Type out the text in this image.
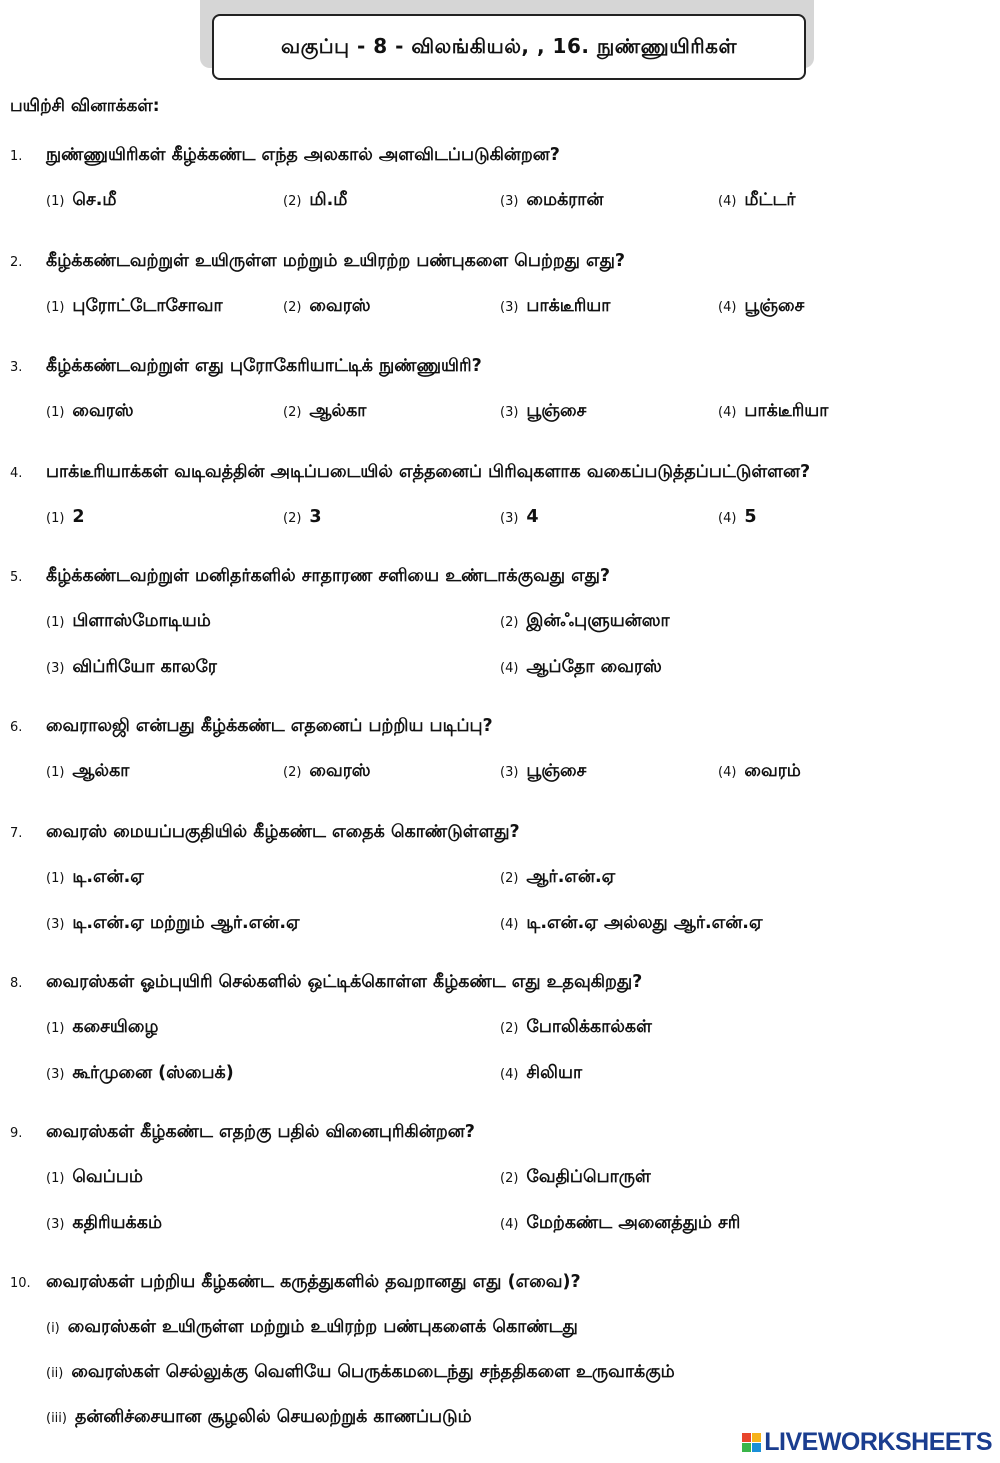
வகுப்பு - 8 - விலங்கியல், , 16. நுண்ணுயிரிகள்
பயிற்சி வினாக்கள்:
1. நுண்ணுயிரிகள் கீழ்க்கண்ட எந்த அலகால் அளவிடப்படுகின்றன?
(1) செ.மீ	(2) மி.மீ	(3) மைக்ரான்	(4) மீட்டர்
2. கீழ்க்கண்டவற்றுள் உயிருள்ள மற்றும் உயிரற்ற பண்புகளை பெற்றது எது?
(1) புரோட்டோசோவா	(2) வைரஸ்	(3) பாக்டீரியா	(4) பூஞ்சை
3. கீழ்க்கண்டவற்றுள் எது புரோகேரியாட்டிக் நுண்ணுயிரி?
(1) வைரஸ்	(2) ஆல்கா	(3) பூஞ்சை	(4) பாக்டீரியா
4. பாக்டீரியாக்கள் வடிவத்தின் அடிப்படையில் எத்தனைப் பிரிவுகளாக வகைப்படுத்தப்பட்டுள்ளன?
(1) 2	(2) 3	(3) 4	(4) 5
5. கீழ்க்கண்டவற்றுள் மனிதர்களில் சாதாரண சளியை உண்டாக்குவது எது?
(1) பிளாஸ்மோடியம்	(2) இன்ஃபுளுயன்ஸா
(3) விப்ரியோ காலரே	(4) ஆப்தோ வைரஸ்
6. வைராலஜி என்பது கீழ்க்கண்ட எதனைப் பற்றிய படிப்பு?
(1) ஆல்கா	(2) வைரஸ்	(3) பூஞ்சை	(4) வைரம்
7. வைரஸ் மையப்பகுதியில் கீழ்கண்ட எதைக் கொண்டுள்ளது?
(1) டி.என்.ஏ	(2) ஆர்.என்.ஏ
(3) டி.என்.ஏ மற்றும் ஆர்.என்.ஏ	(4) டி.என்.ஏ அல்லது ஆர்.என்.ஏ
8. வைரஸ்கள் ஓம்புயிரி செல்களில் ஒட்டிக்கொள்ள கீழ்கண்ட எது உதவுகிறது?
(1) கசையிழை	(2) போலிக்கால்கள்
(3) கூர்முனை (ஸ்பைக்)	(4) சிலியா
9. வைரஸ்கள் கீழ்கண்ட எதற்கு பதில் வினைபுரிகின்றன?
(1) வெப்பம்	(2) வேதிப்பொருள்
(3) கதிரியக்கம்	(4) மேற்கண்ட அனைத்தும் சரி
10. வைரஸ்கள் பற்றிய கீழ்கண்ட கருத்துகளில் தவறானது எது (எவை)?
(i) வைரஸ்கள் உயிருள்ள மற்றும் உயிரற்ற பண்புகளைக் கொண்டது
(ii) வைரஸ்கள் செல்லுக்கு வெளியே பெருக்கமடைந்து சந்ததிகளை உருவாக்கும்
(iii) தன்னிச்சையான சூழலில் செயலற்றுக் காணப்படும்
LIVEWORKSHEETS
